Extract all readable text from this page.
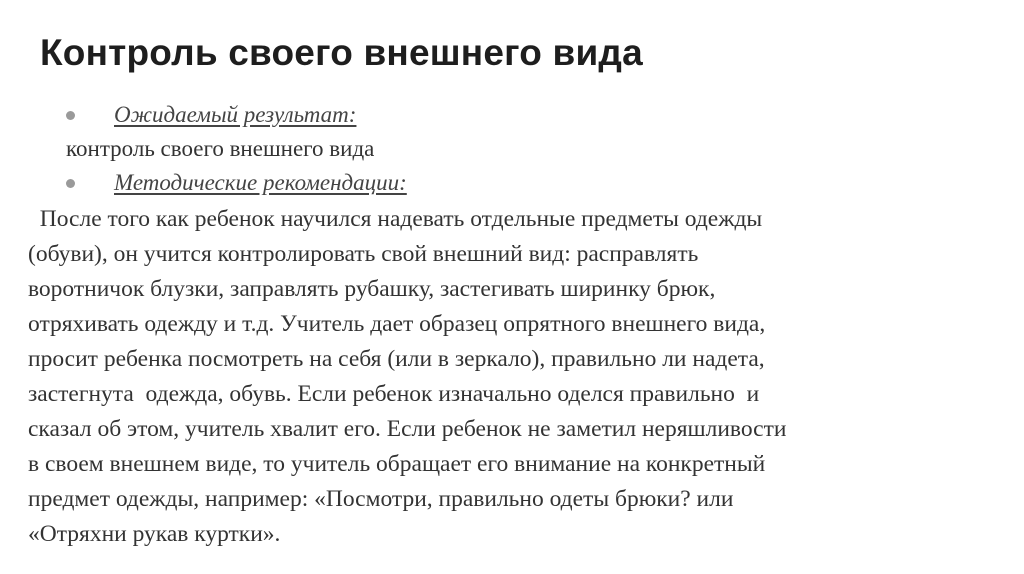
Контроль своего внешнего вида
Ожидаемый результат:
контроль своего внешнего вида
Методические рекомендации:
После того как ребенок научился надевать отдельные предметы одежды
(обуви), он учится контролировать свой внешний вид: расправлять
воротничок блузки, заправлять рубашку, застегивать ширинку брюк,
отряхивать одежду и т.д. Учитель дает образец опрятного внешнего вида,
просит ребенка посмотреть на себя (или в зеркало), правильно ли надета,
застегнута  одежда, обувь. Если ребенок изначально оделся правильно  и
сказал об этом, учитель хвалит его. Если ребенок не заметил неряшливости
в своем внешнем виде, то учитель обращает его внимание на конкретный
предмет одежды, например: «Посмотри, правильно одеты брюки? или
«Отряхни рукав куртки».
